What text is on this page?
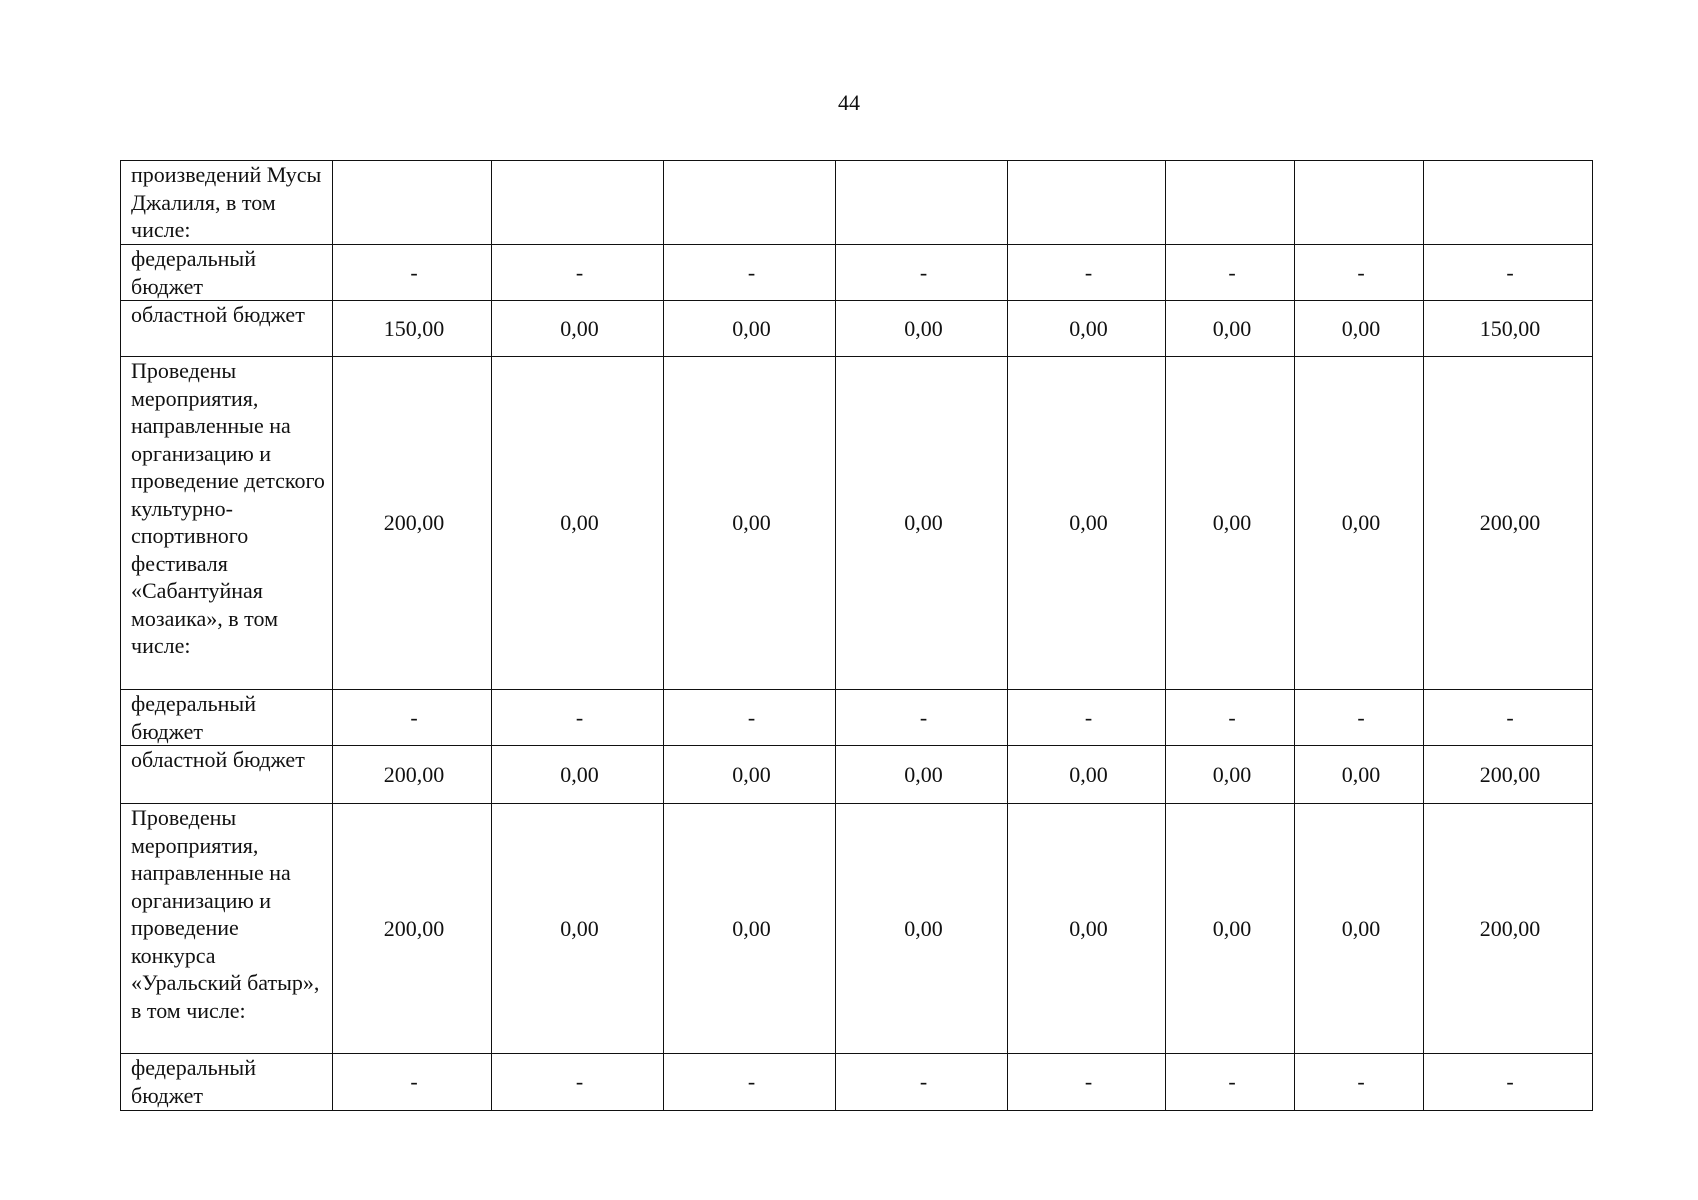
44
произведений Мусы Джалиля, в том числе:								
федеральный бюджет	-	-	-	-	-	-	-	-
областной бюджет	150,00	0,00	0,00	0,00	0,00	0,00	0,00	150,00
Проведены мероприятия, направленные на организацию и проведение детского культурно-спортивного фестиваля «Сабантуйная мозаика», в том числе:	200,00	0,00	0,00	0,00	0,00	0,00	0,00	200,00
федеральный бюджет	-	-	-	-	-	-	-	-
областной бюджет	200,00	0,00	0,00	0,00	0,00	0,00	0,00	200,00
Проведены мероприятия, направленные на организацию и проведение конкурса «Уральский батыр», в том числе:	200,00	0,00	0,00	0,00	0,00	0,00	0,00	200,00
федеральный бюджет	-	-	-	-	-	-	-	-
